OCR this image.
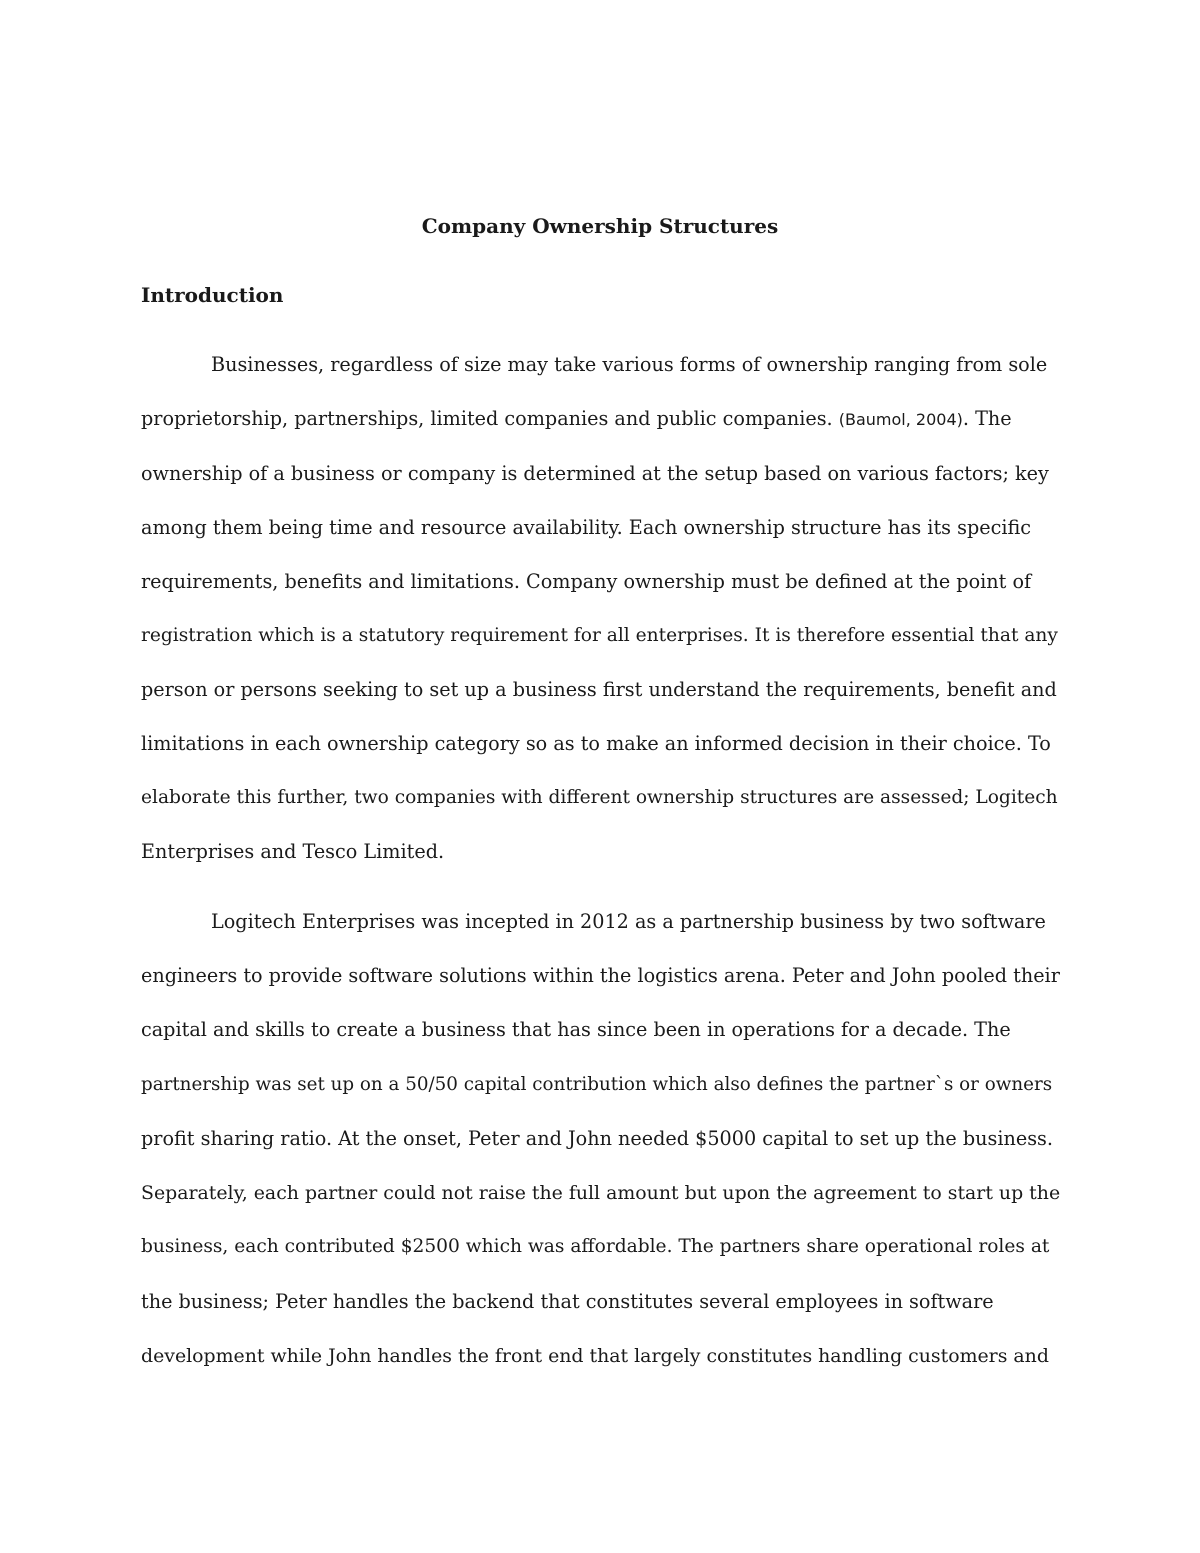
Company Ownership Structures
Introduction

Businesses, regardless of size may take various forms of ownership ranging from sole

proprietorship, partnerships, limited companies and public companies. (Baumol, 2004). The

ownership of a business or company is determined at the setup based on various factors; key

among them being time and resource availability. Each ownership structure has its specific

requirements, benefits and limitations. Company ownership must be defined at the point of

registration which is a statutory requirement for all enterprises. It is therefore essential that any

person or persons seeking to set up a business first understand the requirements, benefit and

limitations in each ownership category so as to make an informed decision in their choice. To

elaborate this further, two companies with different ownership structures are assessed; Logitech

Enterprises and Tesco Limited.

Logitech Enterprises was incepted in 2012 as a partnership business by two software

engineers to provide software solutions within the logistics arena. Peter and John pooled their

capital and skills to create a business that has since been in operations for a decade. The

partnership was set up on a 50/50 capital contribution which also defines the partner`s or owners

profit sharing ratio. At the onset, Peter and John needed $5000 capital to set up the business.

Separately, each partner could not raise the full amount but upon the agreement to start up the

business, each contributed $2500 which was affordable. The partners share operational roles at

the business; Peter handles the backend that constitutes several employees in software

development while John handles the front end that largely constitutes handling customers and
